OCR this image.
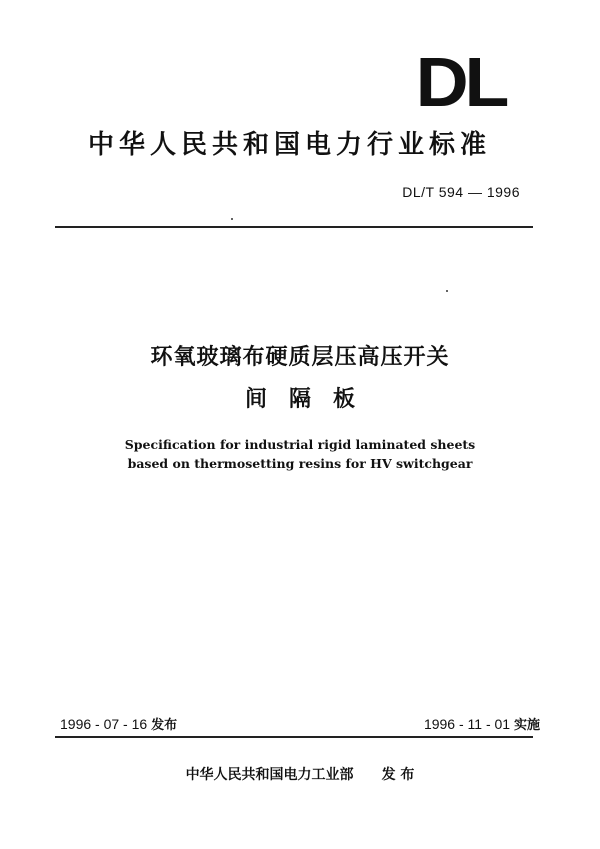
DL
中华人民共和国电力行业标准
DL/T 594 — 1996
环氧玻璃布硬质层压高压开关
间隔板
Specification for industrial rigid laminated sheets
based on thermosetting resins for HV switchgear
1996 - 07 - 16 发布	1996 - 11 - 01 实施
中华人民共和国电力工业部 发 布
